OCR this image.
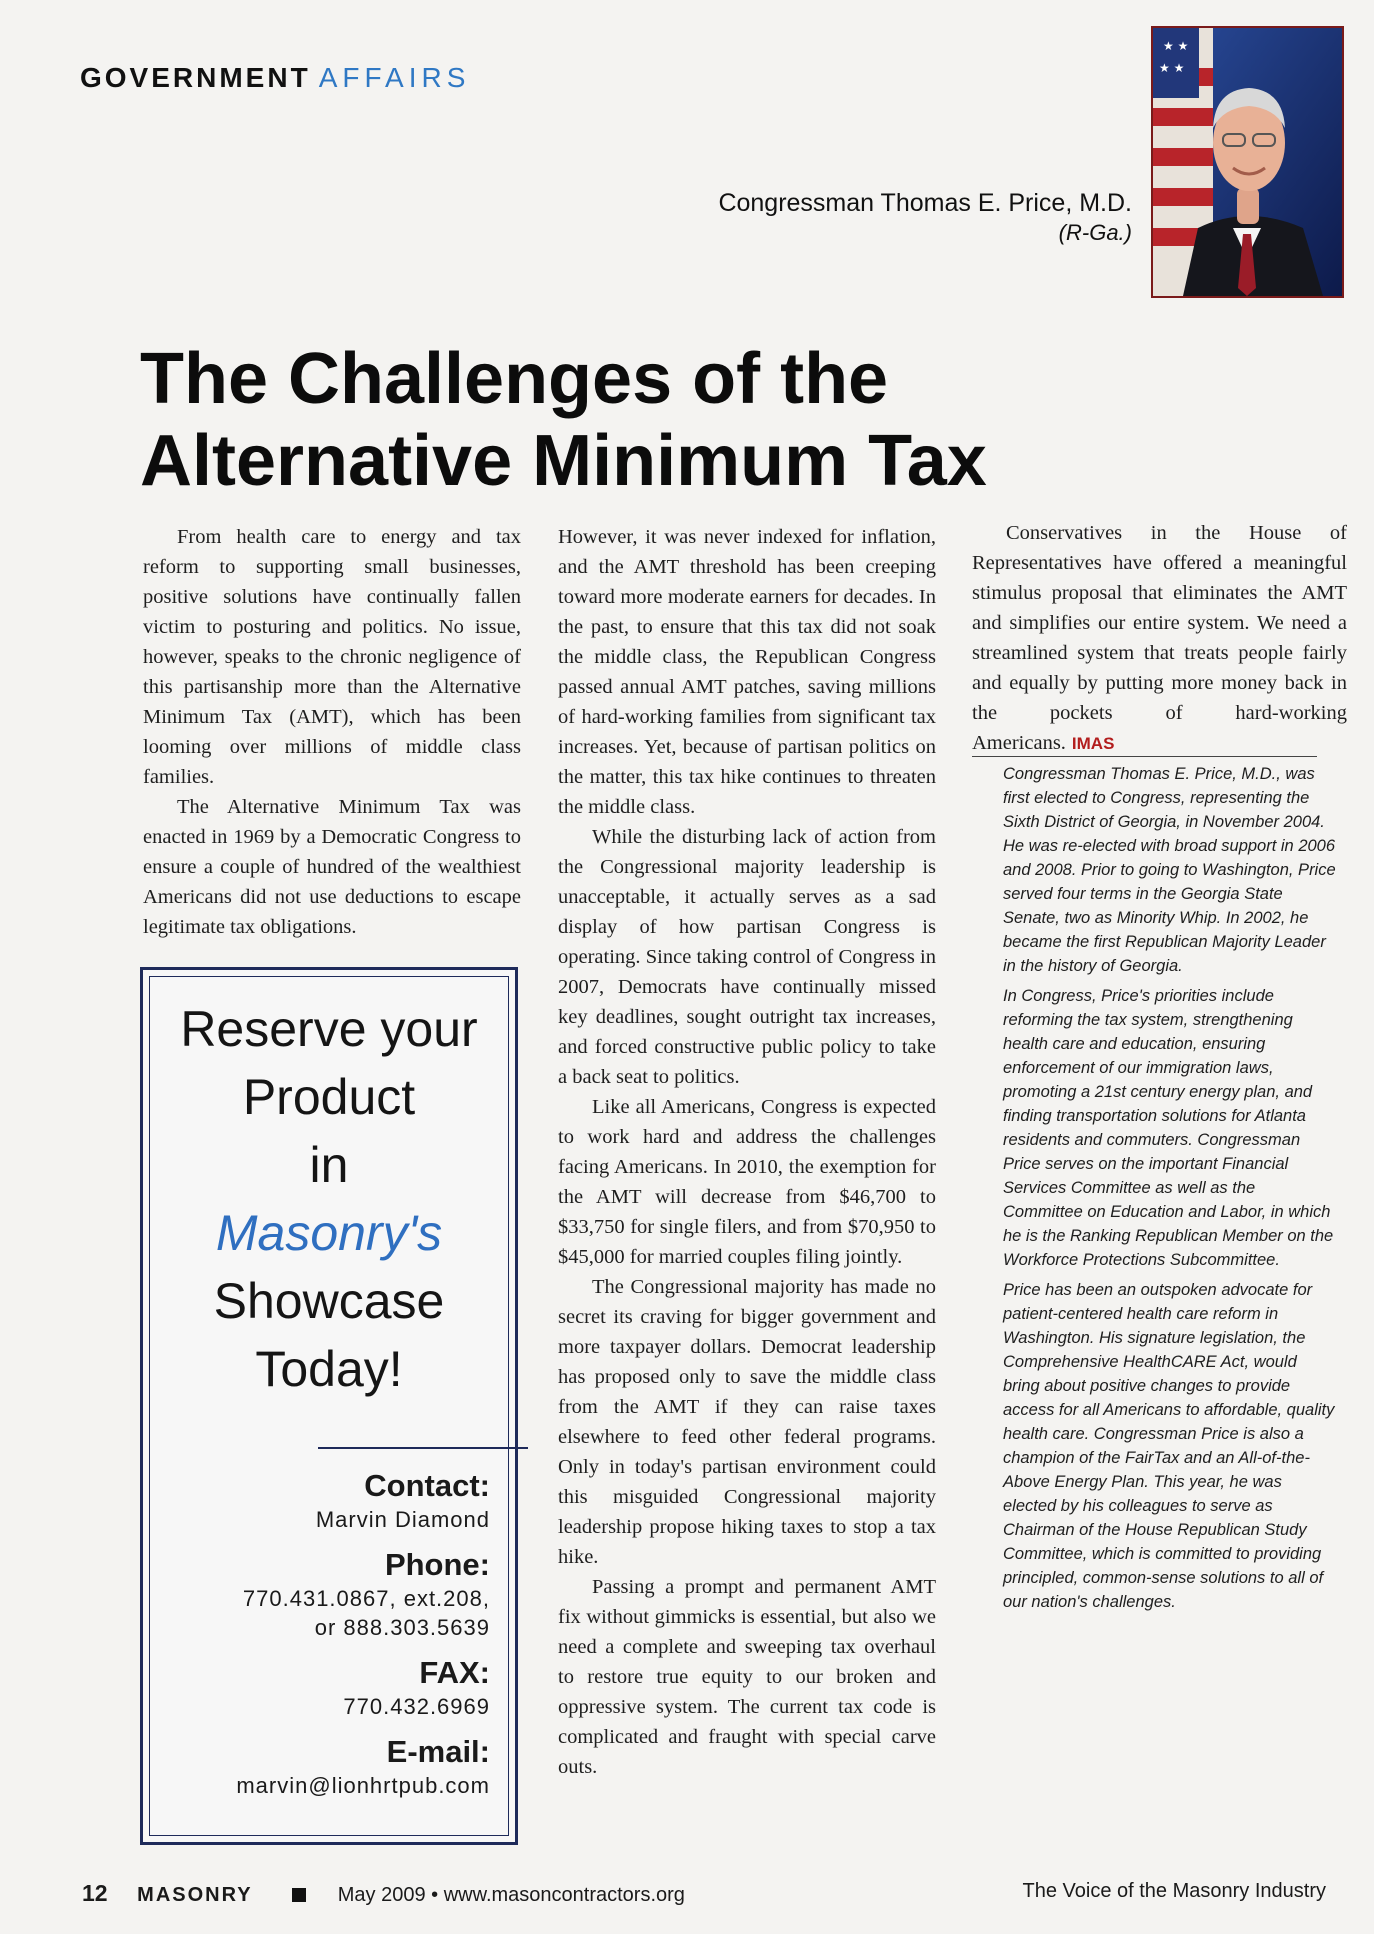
GOVERNMENT AFFAIRS
Congressman Thomas E. Price, M.D.
(R-Ga.)
★ ★
★ ★
The Challenges of the
Alternative Minimum Tax

From health care to energy and tax reform to supporting small businesses, positive solutions have continually fallen victim to posturing and politics. No issue, however, speaks to the chronic negligence of this partisanship more than the Alternative Minimum Tax (AMT), which has been looming over millions of middle class families.

The Alternative Minimum Tax was enacted in 1969 by a Democratic Congress to ensure a couple of hundred of the wealthiest Americans did not use deductions to escape legitimate tax obligations.

However, it was never indexed for inflation, and the AMT threshold has been creeping toward more moderate earners for decades. In the past, to ensure that this tax did not soak the middle class, the Republican Congress passed annual AMT patches, saving millions of hard-working families from significant tax increases. Yet, because of partisan politics on the matter, this tax hike continues to threaten the middle class.

While the disturbing lack of action from the Congressional majority leadership is unacceptable, it actually serves as a sad display of how partisan Congress is operating. Since taking control of Congress in 2007, Democrats have continually missed key deadlines, sought outright tax increases, and forced constructive public policy to take a back seat to politics.

Like all Americans, Congress is expected to work hard and address the challenges facing Americans. In 2010, the exemption for the AMT will decrease from $46,700 to $33,750 for single filers, and from $70,950 to $45,000 for married couples filing jointly.

The Congressional majority has made no secret its craving for bigger government and more taxpayer dollars. Democrat leadership has proposed only to save the middle class from the AMT if they can raise taxes elsewhere to feed other federal programs. Only in today's partisan environment could this misguided Congressional majority leadership propose hiking taxes to stop a tax hike.

Passing a prompt and permanent AMT fix without gimmicks is essential, but also we need a complete and sweeping tax overhaul to restore true equity to our broken and oppressive system. The current tax code is complicated and fraught with special carve outs.

Conservatives in the House of Representatives have offered a meaningful stimulus proposal that eliminates the AMT and simplifies our entire system. We need a streamlined system that treats people fairly and equally by putting more money back in the pockets of hard-working Americans. IMAS

Congressman Thomas E. Price, M.D., was first elected to Congress, representing the Sixth District of Georgia, in November 2004. He was re-elected with broad support in 2006 and 2008. Prior to going to Washington, Price served four terms in the Georgia State Senate, two as Minority Whip. In 2002, he became the first Republican Majority Leader in the history of Georgia.

In Congress, Price's priorities include reforming the tax system, strengthening health care and education, ensuring enforcement of our immigration laws, promoting a 21st century energy plan, and finding transportation solutions for Atlanta residents and commuters. Congressman Price serves on the important Financial Services Committee as well as the Committee on Education and Labor, in which he is the Ranking Republican Member on the Workforce Protections Subcommittee.

Price has been an outspoken advocate for patient-centered health care reform in Washington. His signature legislation, the Comprehensive HealthCARE Act, would bring about positive changes to provide access for all Americans to affordable, quality health care. Congressman Price is also a champion of the FairTax and an All-of-the-Above Energy Plan. This year, he was elected by his colleagues to serve as Chairman of the House Republican Study Committee, which is committed to providing principled, common-sense solutions to all of our nation's challenges.

Reserve your
Product
in
Masonry's
Showcase
Today!
Contact:
Marvin Diamond
Phone:
770.431.0867, ext.208,
or 888.303.5639
FAX:
770.432.6969
E-mail:
marvin@lionhrtpub.com
12 MASONRY	May 2009 • www.masoncontractors.org	The Voice of the Masonry Industry
